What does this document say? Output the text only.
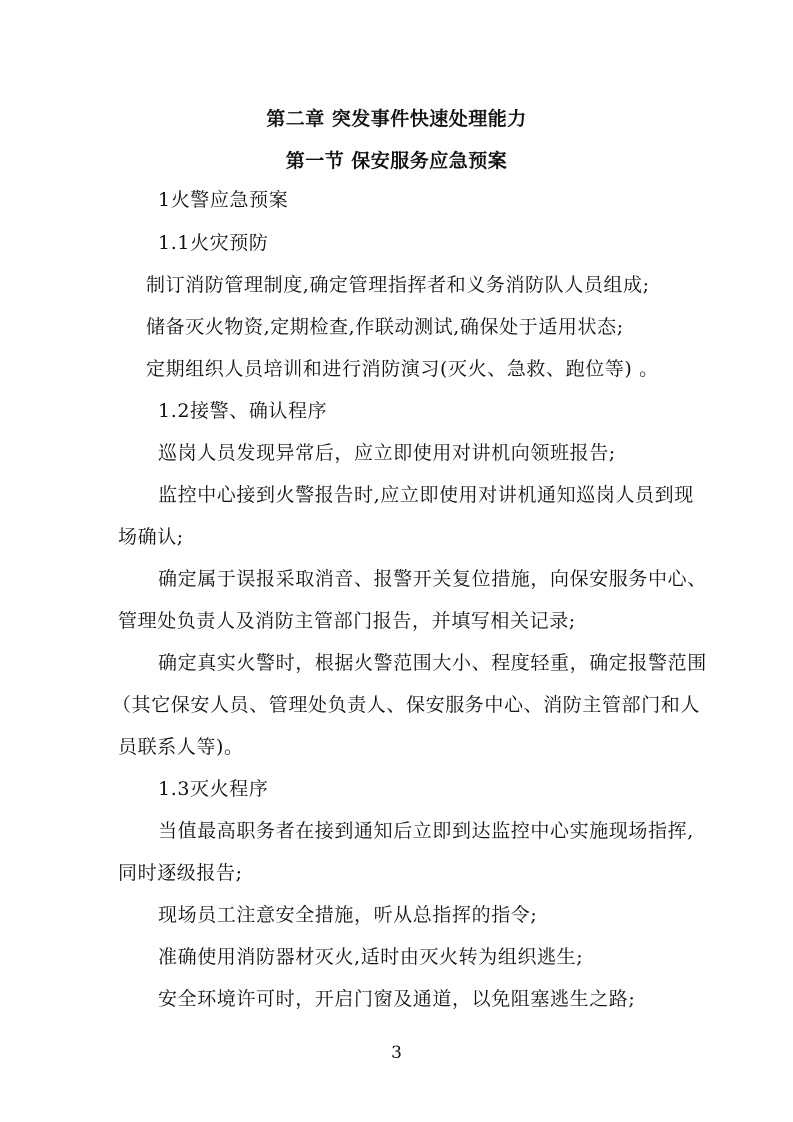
第二章 突发事件快速处理能力
第一节 保安服务应急预案
1火警应急预案
1.1火灾预防
制订消防管理制度,确定管理指挥者和义务消防队人员组成;
储备灭火物资,定期检查,作联动测试,确保处于适用状态;
定期组织人员培训和进行消防演习(灭火、急救、跑位等) 。
1.2接警、确认程序
巡岗人员发现异常后，应立即使用对讲机向领班报告;
监控中心接到火警报告时,应立即使用对讲机通知巡岗人员到现
场确认;
确定属于误报采取消音、报警开关复位措施，向保安服务中心、
管理处负责人及消防主管部门报告，并填写相关记录;
确定真实火警时，根据火警范围大小、程度轻重，确定报警范围
（其它保安人员、管理处负责人、保安服务中心、消防主管部门和人
员联系人等)。
1.3灭火程序
当值最高职务者在接到通知后立即到达监控中心实施现场指挥,
同时逐级报告;
现场员工注意安全措施，听从总指挥的指令;
准确使用消防器材灭火,适时由灭火转为组织逃生;
安全环境许可时，开启门窗及通道，以免阻塞逃生之路;
3
